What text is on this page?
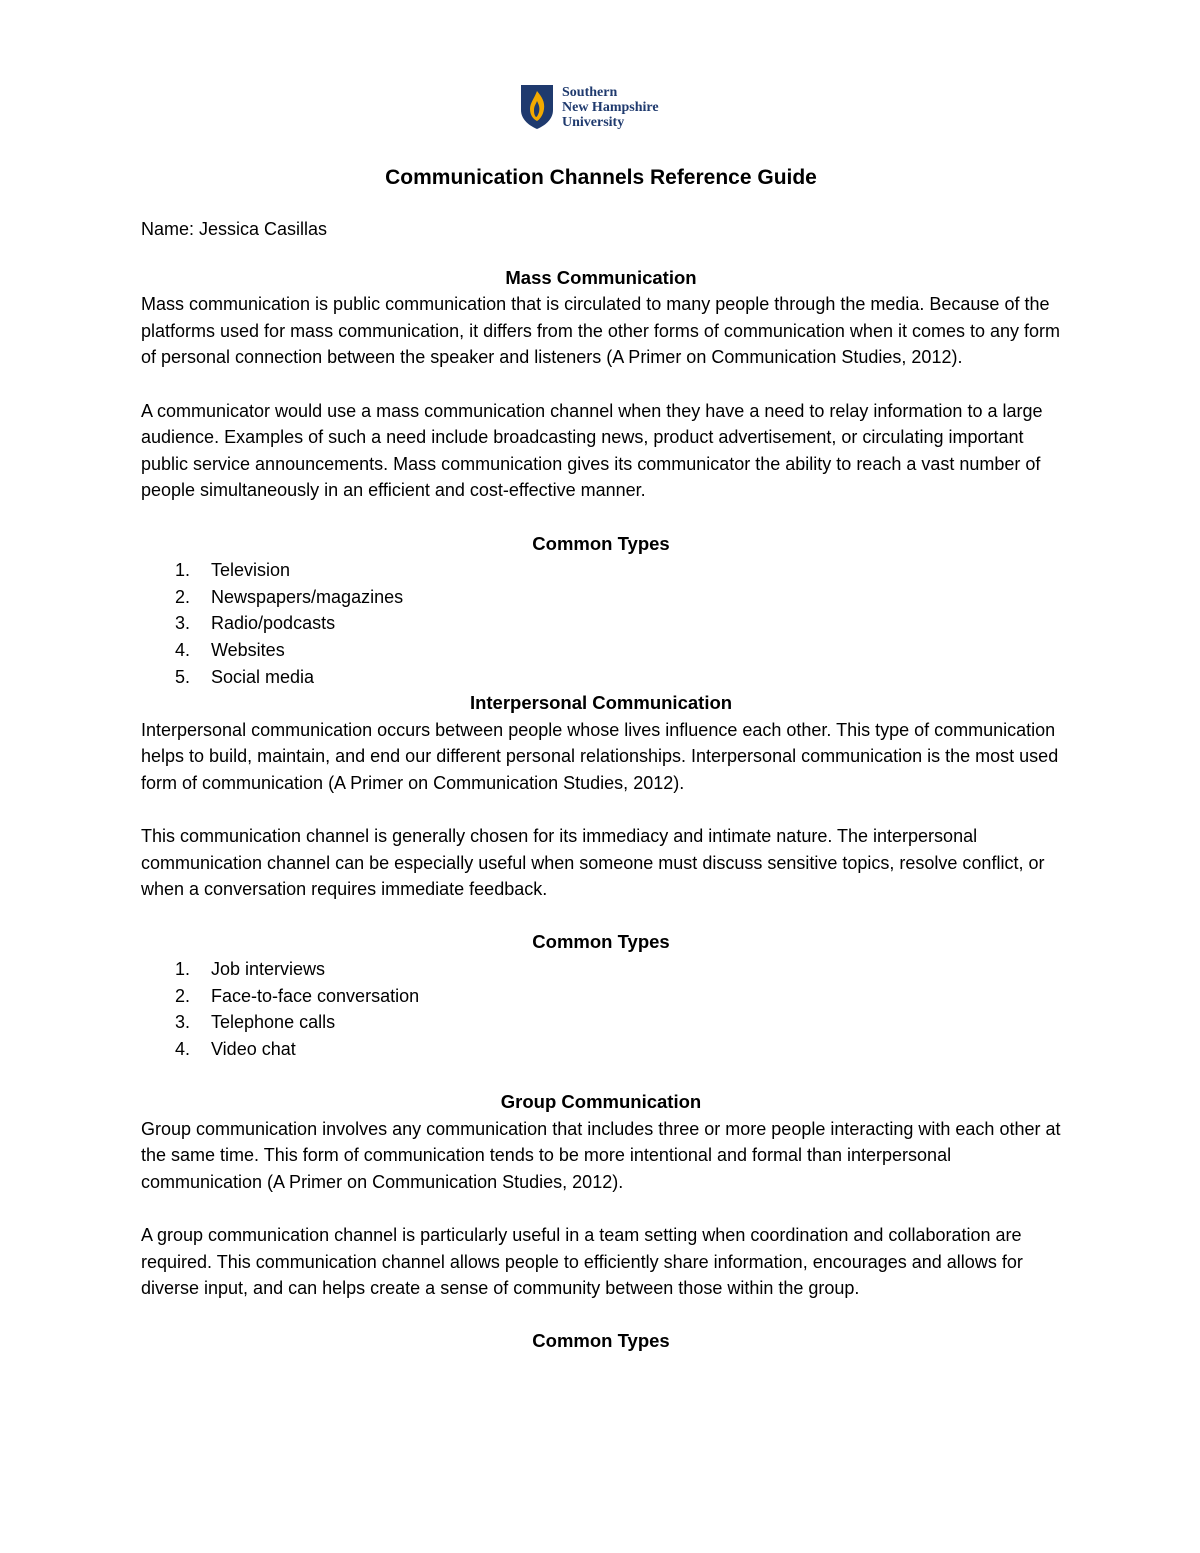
Southern
New Hampshire
University
Communication Channels Reference Guide
Name: Jessica Casillas
Mass Communication

Mass communication is public communication that is circulated to many people through the media. Because of the platforms used for mass communication, it differs from the other forms of communication when it comes to any form of personal connection between the speaker and listeners (A Primer on Communication Studies, 2012).

A communicator would use a mass communication channel when they have a need to relay information to a large audience. Examples of such a need include broadcasting news, product advertisement, or circulating important public service announcements. Mass communication gives its communicator the ability to reach a vast number of people simultaneously in an efficient and cost-effective manner.

Common Types
1.	Television
2.	Newspapers/magazines
3.	Radio/podcasts
4.	Websites
5.	Social media
Interpersonal Communication

Interpersonal communication occurs between people whose lives influence each other. This type of communication helps to build, maintain, and end our different personal relationships. Interpersonal communication is the most used form of communication (A Primer on Communication Studies, 2012).

This communication channel is generally chosen for its immediacy and intimate nature. The interpersonal communication channel can be especially useful when someone must discuss sensitive topics, resolve conflict, or when a conversation requires immediate feedback.

Common Types
1.	Job interviews
2.	Face-to-face conversation
3.	Telephone calls
4.	Video chat
Group Communication

Group communication involves any communication that includes three or more people interacting with each other at the same time. This form of communication tends to be more intentional and formal than interpersonal communication (A Primer on Communication Studies, 2012).

A group communication channel is particularly useful in a team setting when coordination and collaboration are required. This communication channel allows people to efficiently share information, encourages and allows for diverse input, and can helps create a sense of community between those within the group.

Common Types
